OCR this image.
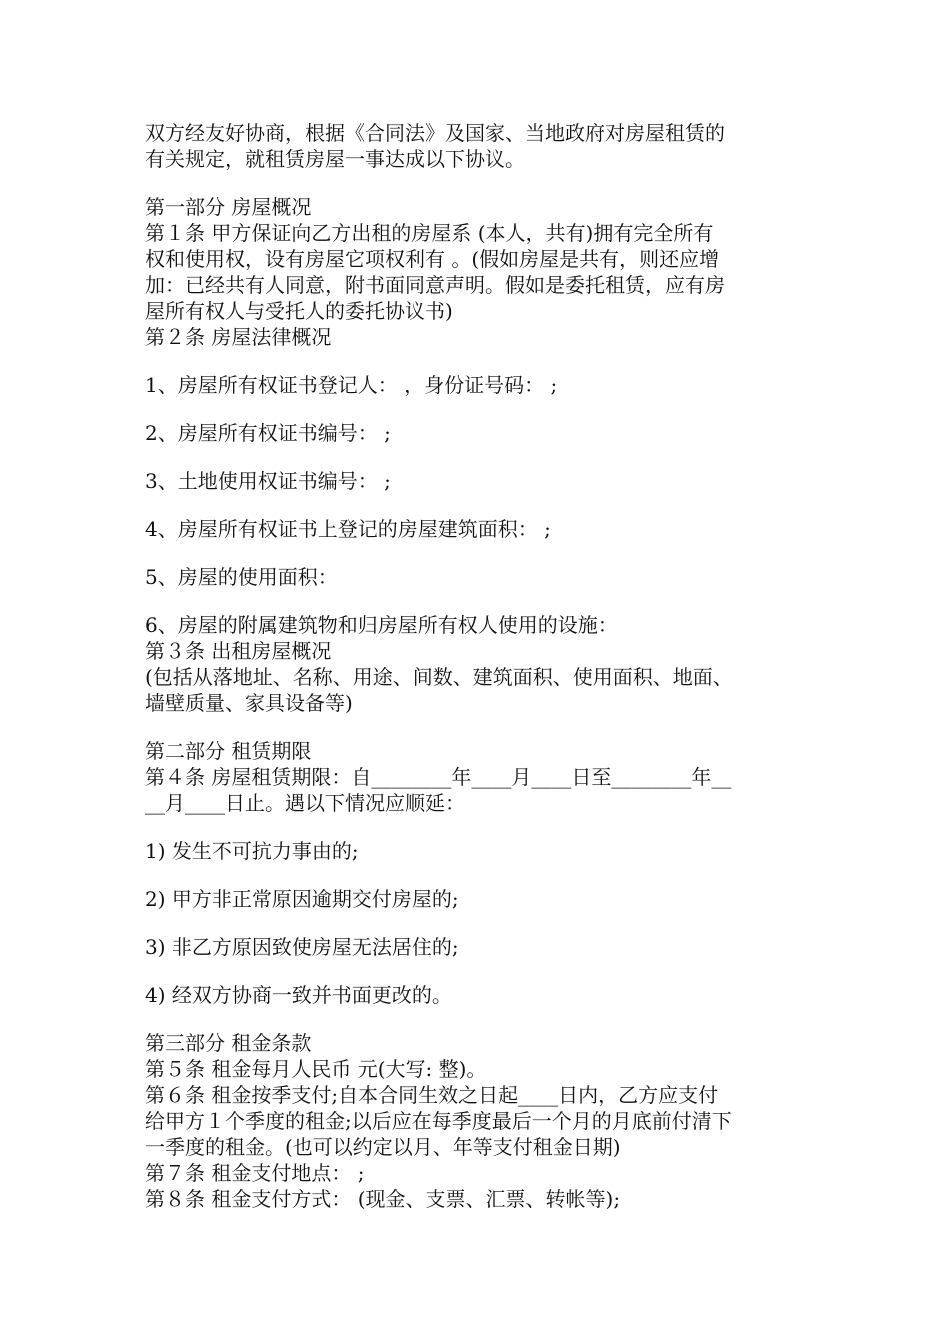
双方经友好协商，根据《合同法》及国家、当地政府对房屋租赁的
有关规定，就租赁房屋一事达成以下协议。
第一部分 房屋概况
第１条 甲方保证向乙方出租的房屋系 (本人，共有)拥有完全所有
权和使用权，设有房屋它项权利有 。(假如房屋是共有，则还应增
加：已经共有人同意，附书面同意声明。假如是委托租赁，应有房
屋所有权人与受托人的委托协议书)
第２条 房屋法律概况
1、房屋所有权证书登记人： ，身份证号码： ;
2、房屋所有权证书编号： ;
3、土地使用权证书编号： ;
4、房屋所有权证书上登记的房屋建筑面积： ;
5、房屋的使用面积：
6、房屋的附属建筑物和归房屋所有权人使用的设施：
第３条 出租房屋概况
(包括从落地址、名称、用途、间数、建筑面积、使用面积、地面、
墙壁质量、家具设备等)
第二部分 租赁期限
第４条 房屋租赁期限：自________年____月____日至________年__
__月____日止。遇以下情况应顺延：
1) 发生不可抗力事由的;
2) 甲方非正常原因逾期交付房屋的;
3) 非乙方原因致使房屋无法居住的;
4) 经双方协商一致并书面更改的。
第三部分 租金条款
第５条 租金每月人民币 元(大写: 整)。
第６条 租金按季支付;自本合同生效之日起____日内，乙方应支付
给甲方１个季度的租金;以后应在每季度最后一个月的月底前付清下
一季度的租金。(也可以约定以月、年等支付租金日期)
第７条 租金支付地点： ;
第８条 租金支付方式： (现金、支票、汇票、转帐等);
